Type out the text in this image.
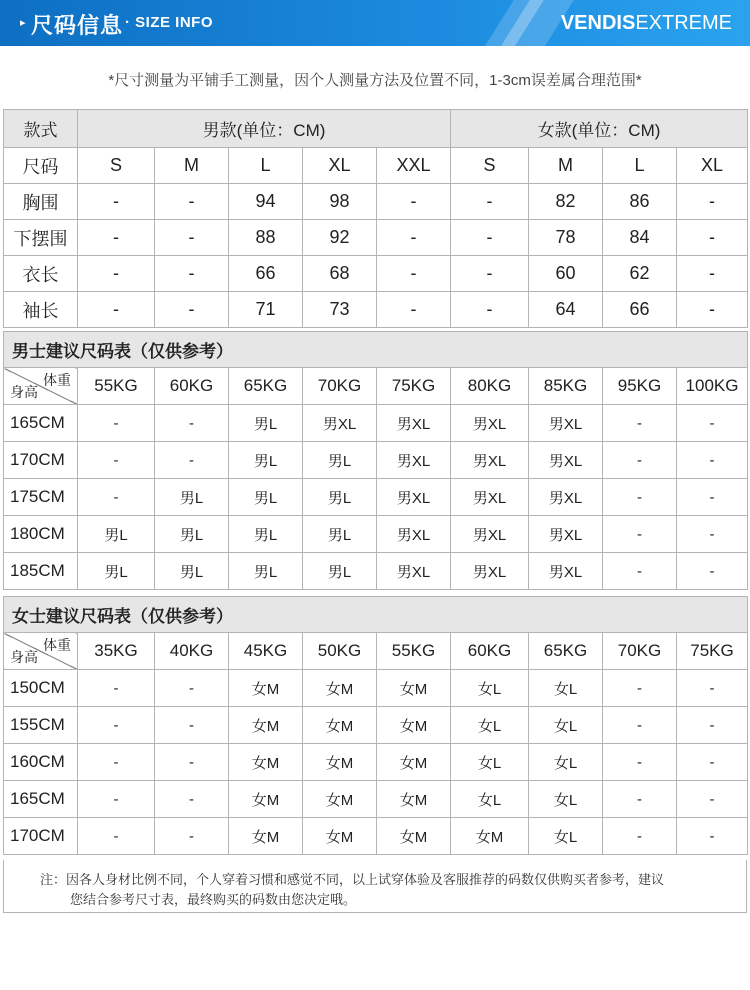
▸ 尺码信息 · SIZE INFO	VENDISEXTREME
*尺寸测量为平铺手工测量，因个人测量方法及位置不同，1-3cm误差属合理范围*
款式	男款(单位：CM)					女款(单位：CM)			
尺码	S	M	L	XL	XXL	S	M	L	XL
胸围	-	-	94	98	-	-	82	86	-
下摆围	-	-	88	92	-	-	78	84	-
衣长	-	-	66	68	-	-	60	62	-
袖长	-	-	71	73	-	-	64	66	-
男士建议尺码表（仅供参考）									

体重
身高	55KG	60KG	65KG	70KG	75KG	80KG	85KG	95KG	100KG
165CM	-	-	男L	男XL	男XL	男XL	男XL	-	-
170CM	-	-	男L	男L	男XL	男XL	男XL	-	-
175CM	-	男L	男L	男L	男XL	男XL	男XL	-	-
180CM	男L	男L	男L	男L	男XL	男XL	男XL	-	-
185CM	男L	男L	男L	男L	男XL	男XL	男XL	-	-
女士建议尺码表（仅供参考）									

体重
身高	35KG	40KG	45KG	50KG	55KG	60KG	65KG	70KG	75KG
150CM	-	-	女M	女M	女M	女L	女L	-	-
155CM	-	-	女M	女M	女M	女L	女L	-	-
160CM	-	-	女M	女M	女M	女L	女L	-	-
165CM	-	-	女M	女M	女M	女L	女L	-	-
170CM	-	-	女M	女M	女M	女M	女L	-	-
注：因各人身材比例不同，个人穿着习惯和感觉不同，以上试穿体验及客服推荐的码数仅供购买者参考，建议
您结合参考尺寸表，最终购买的码数由您决定哦。
